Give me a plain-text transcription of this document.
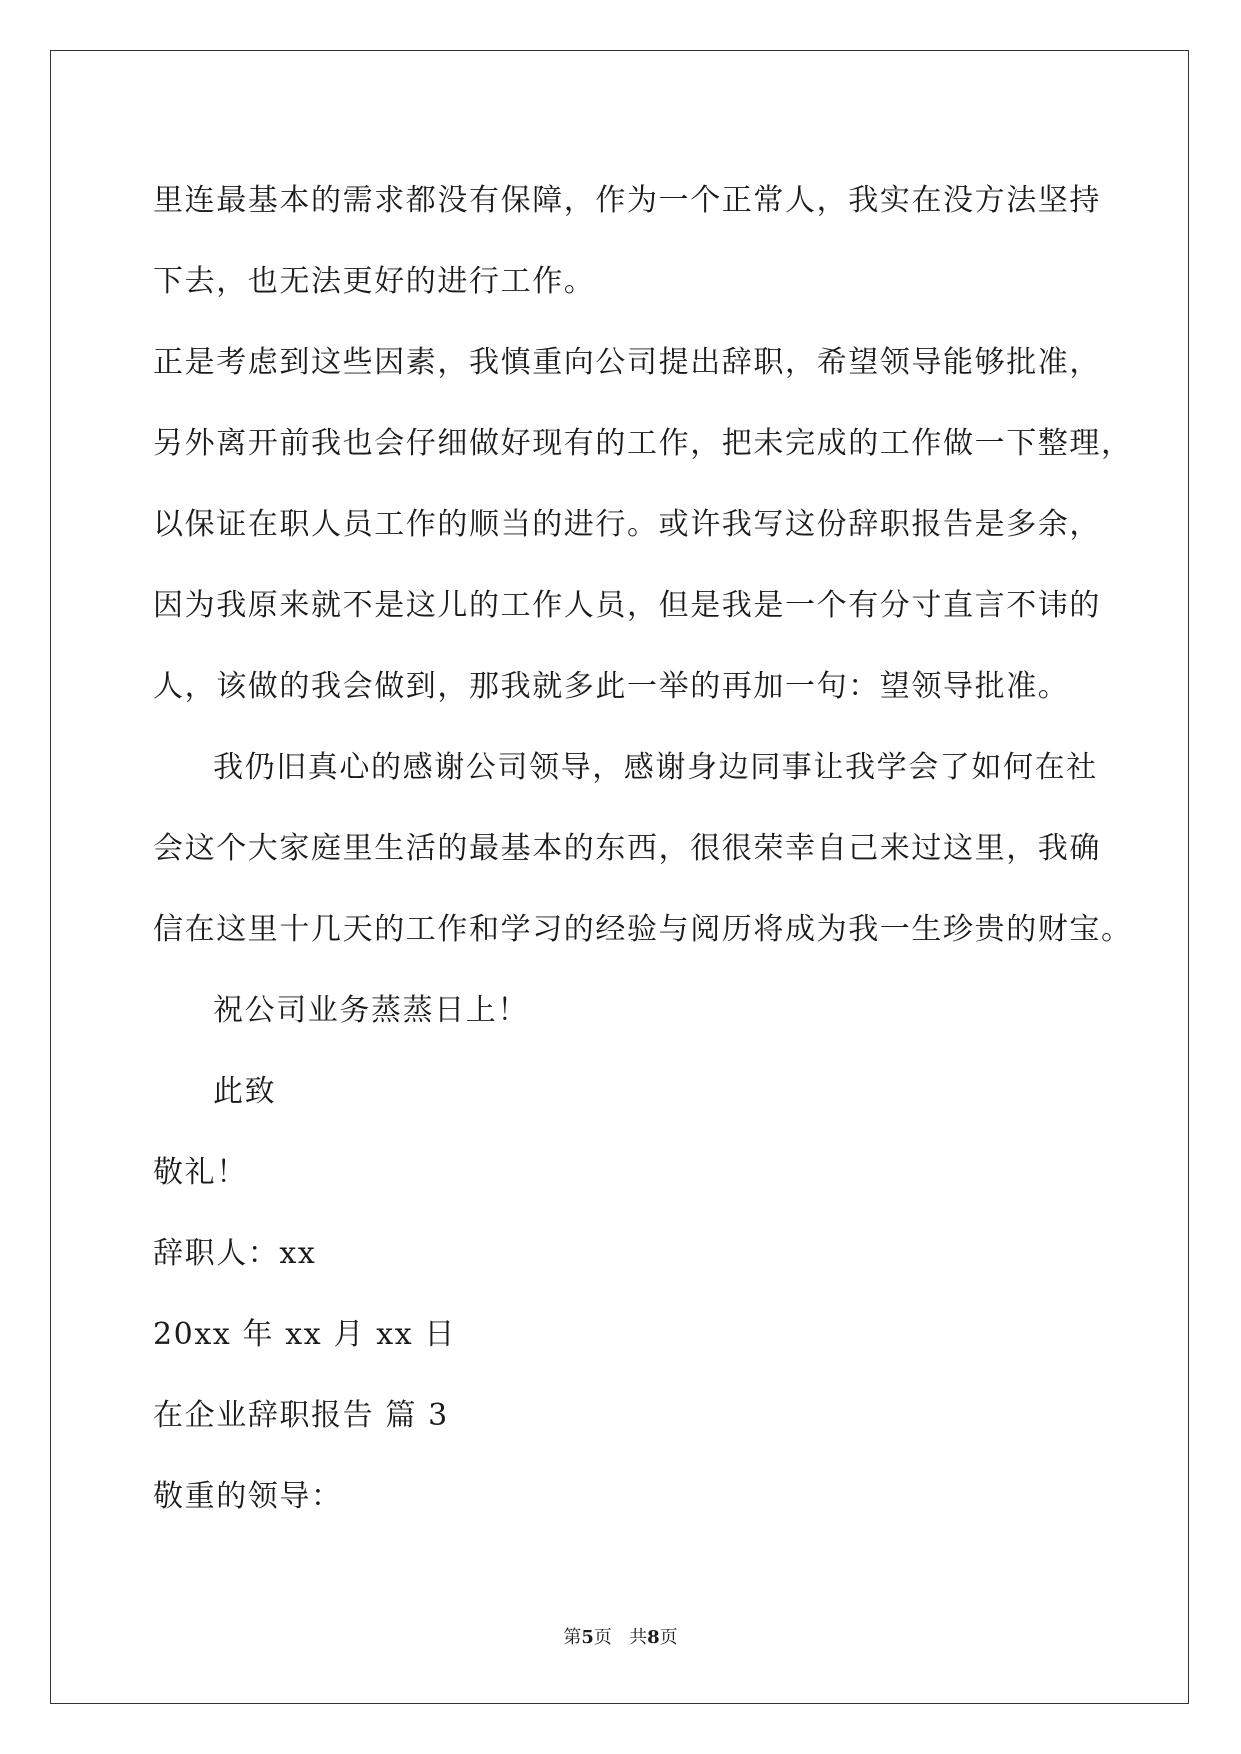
里连最基本的需求都没有保障，作为一个正常人，我实在没方法坚持
下去，也无法更好的进行工作。
正是考虑到这些因素，我慎重向公司提出辞职，希望领导能够批准，
另外离开前我也会仔细做好现有的工作，把未完成的工作做一下整理，
以保证在职人员工作的顺当的进行。或许我写这份辞职报告是多余，
因为我原来就不是这儿的工作人员，但是我是一个有分寸直言不讳的
人，该做的我会做到，那我就多此一举的再加一句：望领导批准。
我仍旧真心的感谢公司领导，感谢身边同事让我学会了如何在社
会这个大家庭里生活的最基本的东西，很很荣幸自己来过这里，我确
信在这里十几天的工作和学习的经验与阅历将成为我一生珍贵的财宝。
祝公司业务蒸蒸日上！
此致
敬礼！
辞职人：xx
20xx 年 xx 月 xx 日
在企业辞职报告 篇 3
敬重的领导：
第5页 共8页
